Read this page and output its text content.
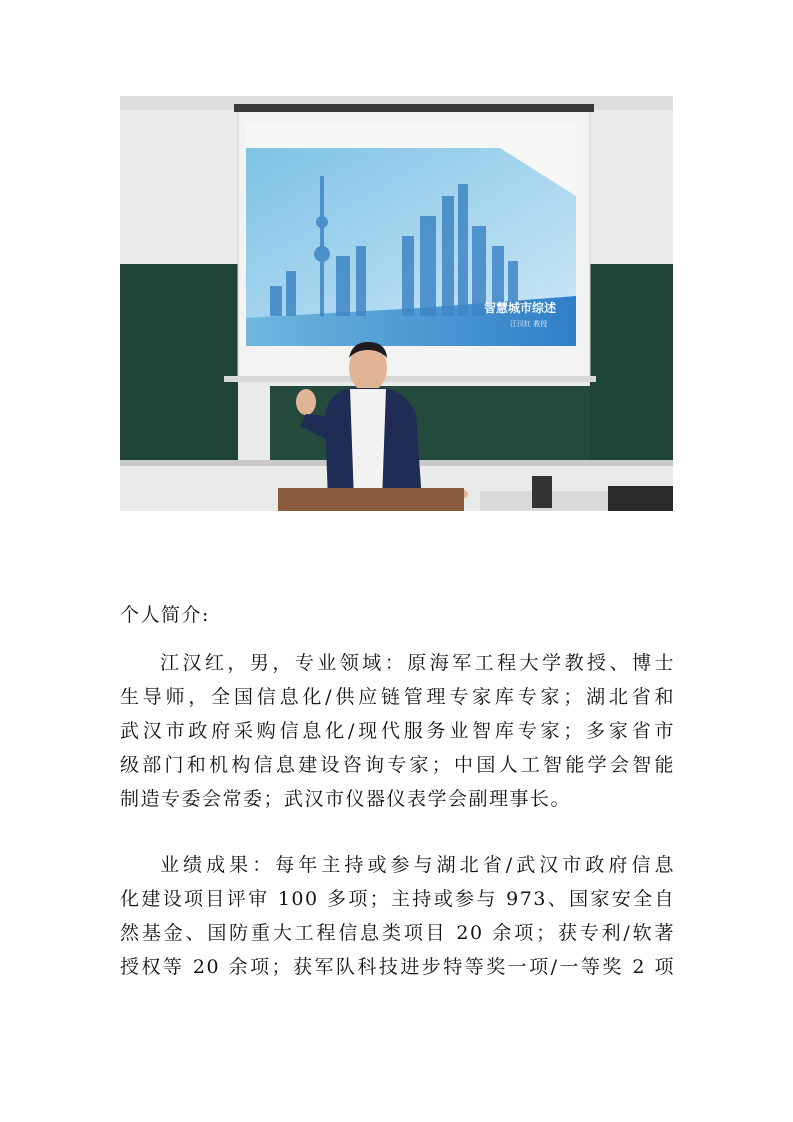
智慧城市综述
江汉红 教授
个人简介:
江汉红，男，专业领域：原海军工程大学教授、博士
生导师，全国信息化/供应链管理专家库专家；湖北省和
武汉市政府采购信息化/现代服务业智库专家；多家省市
级部门和机构信息建设咨询专家；中国人工智能学会智能
制造专委会常委；武汉市仪器仪表学会副理事长。
业绩成果：每年主持或参与湖北省/武汉市政府信息
化建设项目评审 100 多项；主持或参与 973、国家安全自
然基金、国防重大工程信息类项目 20 余项；获专利/软著
授权等 20 余项；获军队科技进步特等奖一项/一等奖 2 项
